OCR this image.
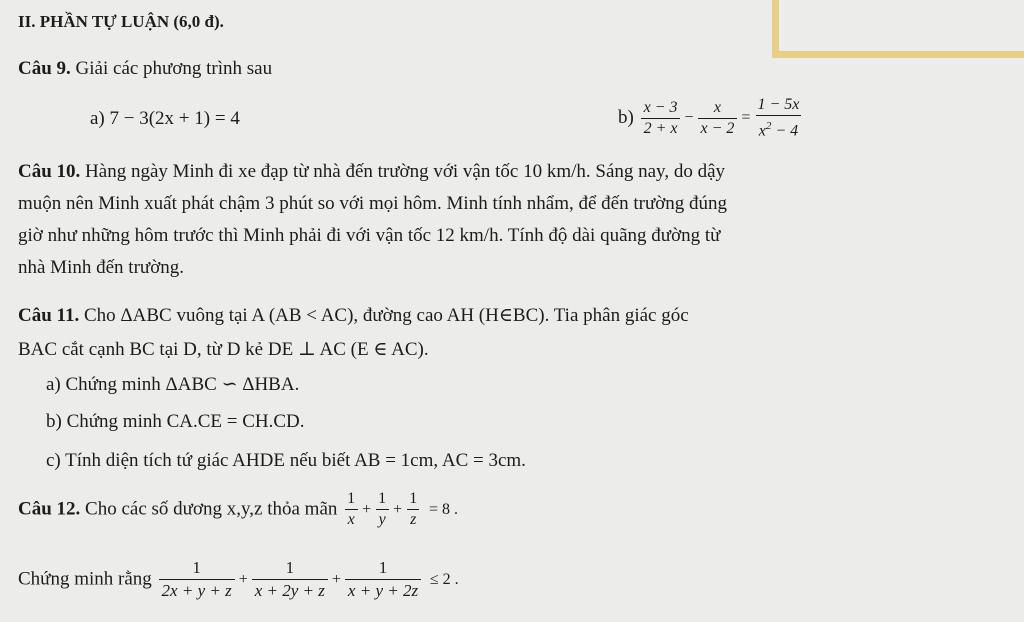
II. PHẦN TỰ LUẬN (6,0 đ).
Câu 9. Giải các phương trình sau
a) 7 − 3(2x + 1) = 4	$b) \frac{x - 3}{2 + x} - \frac{x}{x - 2} = \frac{1 - 5x}{x^2 - 4}$
Câu 10. Hàng ngày Minh đi xe đạp từ nhà đến trường với vận tốc 10 km/h. Sáng nay, do dậy
muộn nên Minh xuất phát chậm 3 phút so với mọi hôm. Minh tính nhẩm, để đến trường đúng
giờ như những hôm trước thì Minh phải đi với vận tốc 12 km/h. Tính độ dài quãng đường từ
nhà Minh đến trường.
Câu 11. Cho ΔABC vuông tại A (AB < AC), đường cao AH (H∈BC). Tia phân giác góc
BAC cắt cạnh BC tại D, từ D kẻ DE ⊥ AC (E ∈ AC).
a) Chứng minh ΔABC ∽ ΔHBA.
b) Chứng minh CA.CE = CH.CD.
c) Tính diện tích tứ giác AHDE nếu biết AB = 1cm, AC = 3cm.
Câu 12. Cho các số dương x,y,z thỏa mãn $\frac{1}{x} + \frac{1}{y} + \frac{1}{z} = 8$ .
Chứng minh rằng $\frac{1}{2x + y + z} + \frac{1}{x + 2y + z} + \frac{1}{x + y + 2z} \le 2$ .
